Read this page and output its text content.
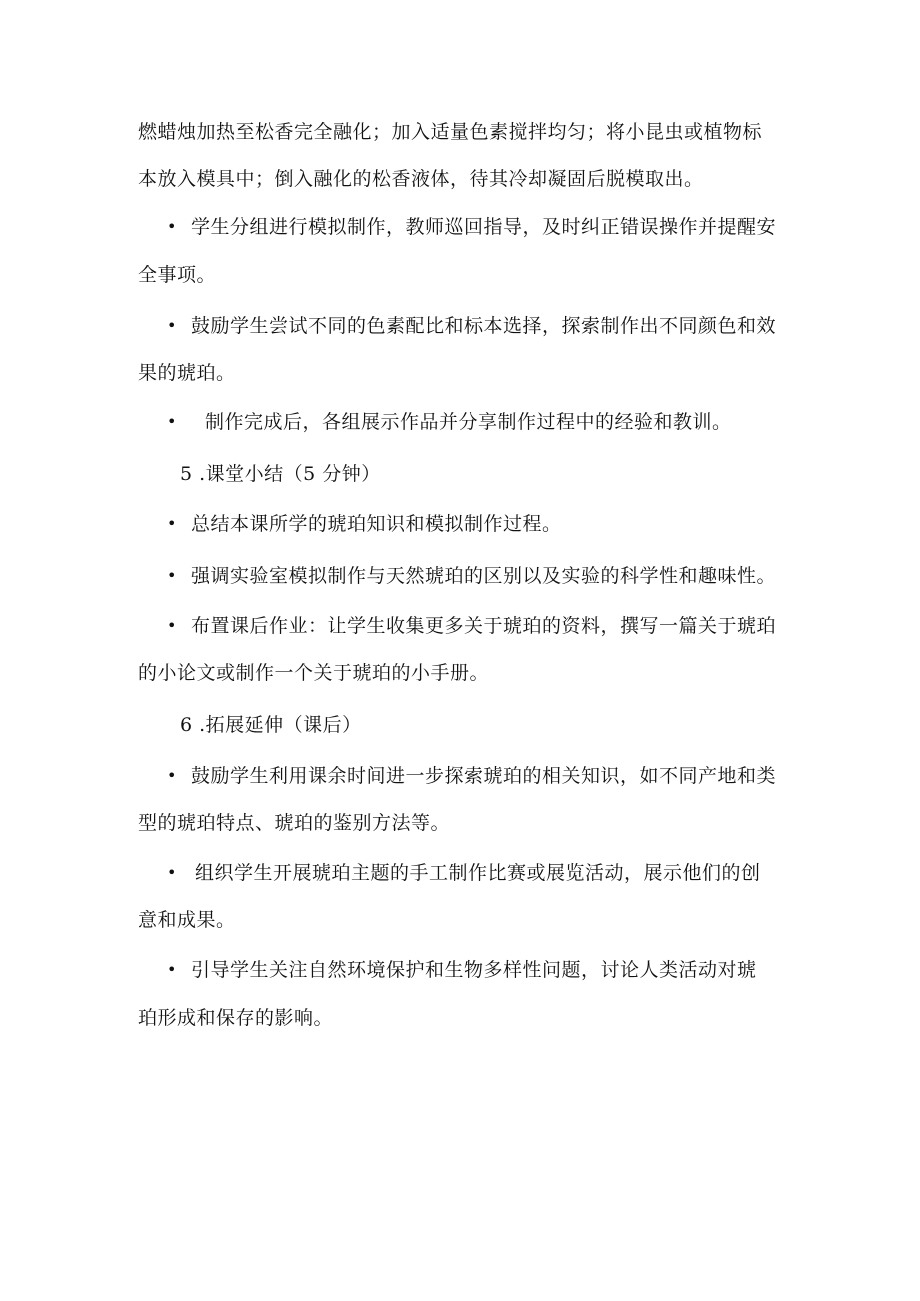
燃蜡烛加热至松香完全融化；加入适量色素搅拌均匀；将小昆虫或植物标
本放入模具中；倒入融化的松香液体，待其冷却凝固后脱模取出。
• 学生分组进行模拟制作，教师巡回指导，及时纠正错误操作并提醒安
全事项。
• 鼓励学生尝试不同的色素配比和标本选择，探索制作出不同颜色和效
果的琥珀。
• 制作完成后，各组展示作品并分享制作过程中的经验和教训。
5 .课堂小结（5 分钟）
• 总结本课所学的琥珀知识和模拟制作过程。
• 强调实验室模拟制作与天然琥珀的区别以及实验的科学性和趣味性。
• 布置课后作业：让学生收集更多关于琥珀的资料，撰写一篇关于琥珀
的小论文或制作一个关于琥珀的小手册。
6 .拓展延伸（课后）
• 鼓励学生利用课余时间进一步探索琥珀的相关知识，如不同产地和类
型的琥珀特点、琥珀的鉴别方法等。
• 组织学生开展琥珀主题的手工制作比赛或展览活动，展示他们的创
意和成果。
• 引导学生关注自然环境保护和生物多样性问题，讨论人类活动对琥
珀形成和保存的影响。
